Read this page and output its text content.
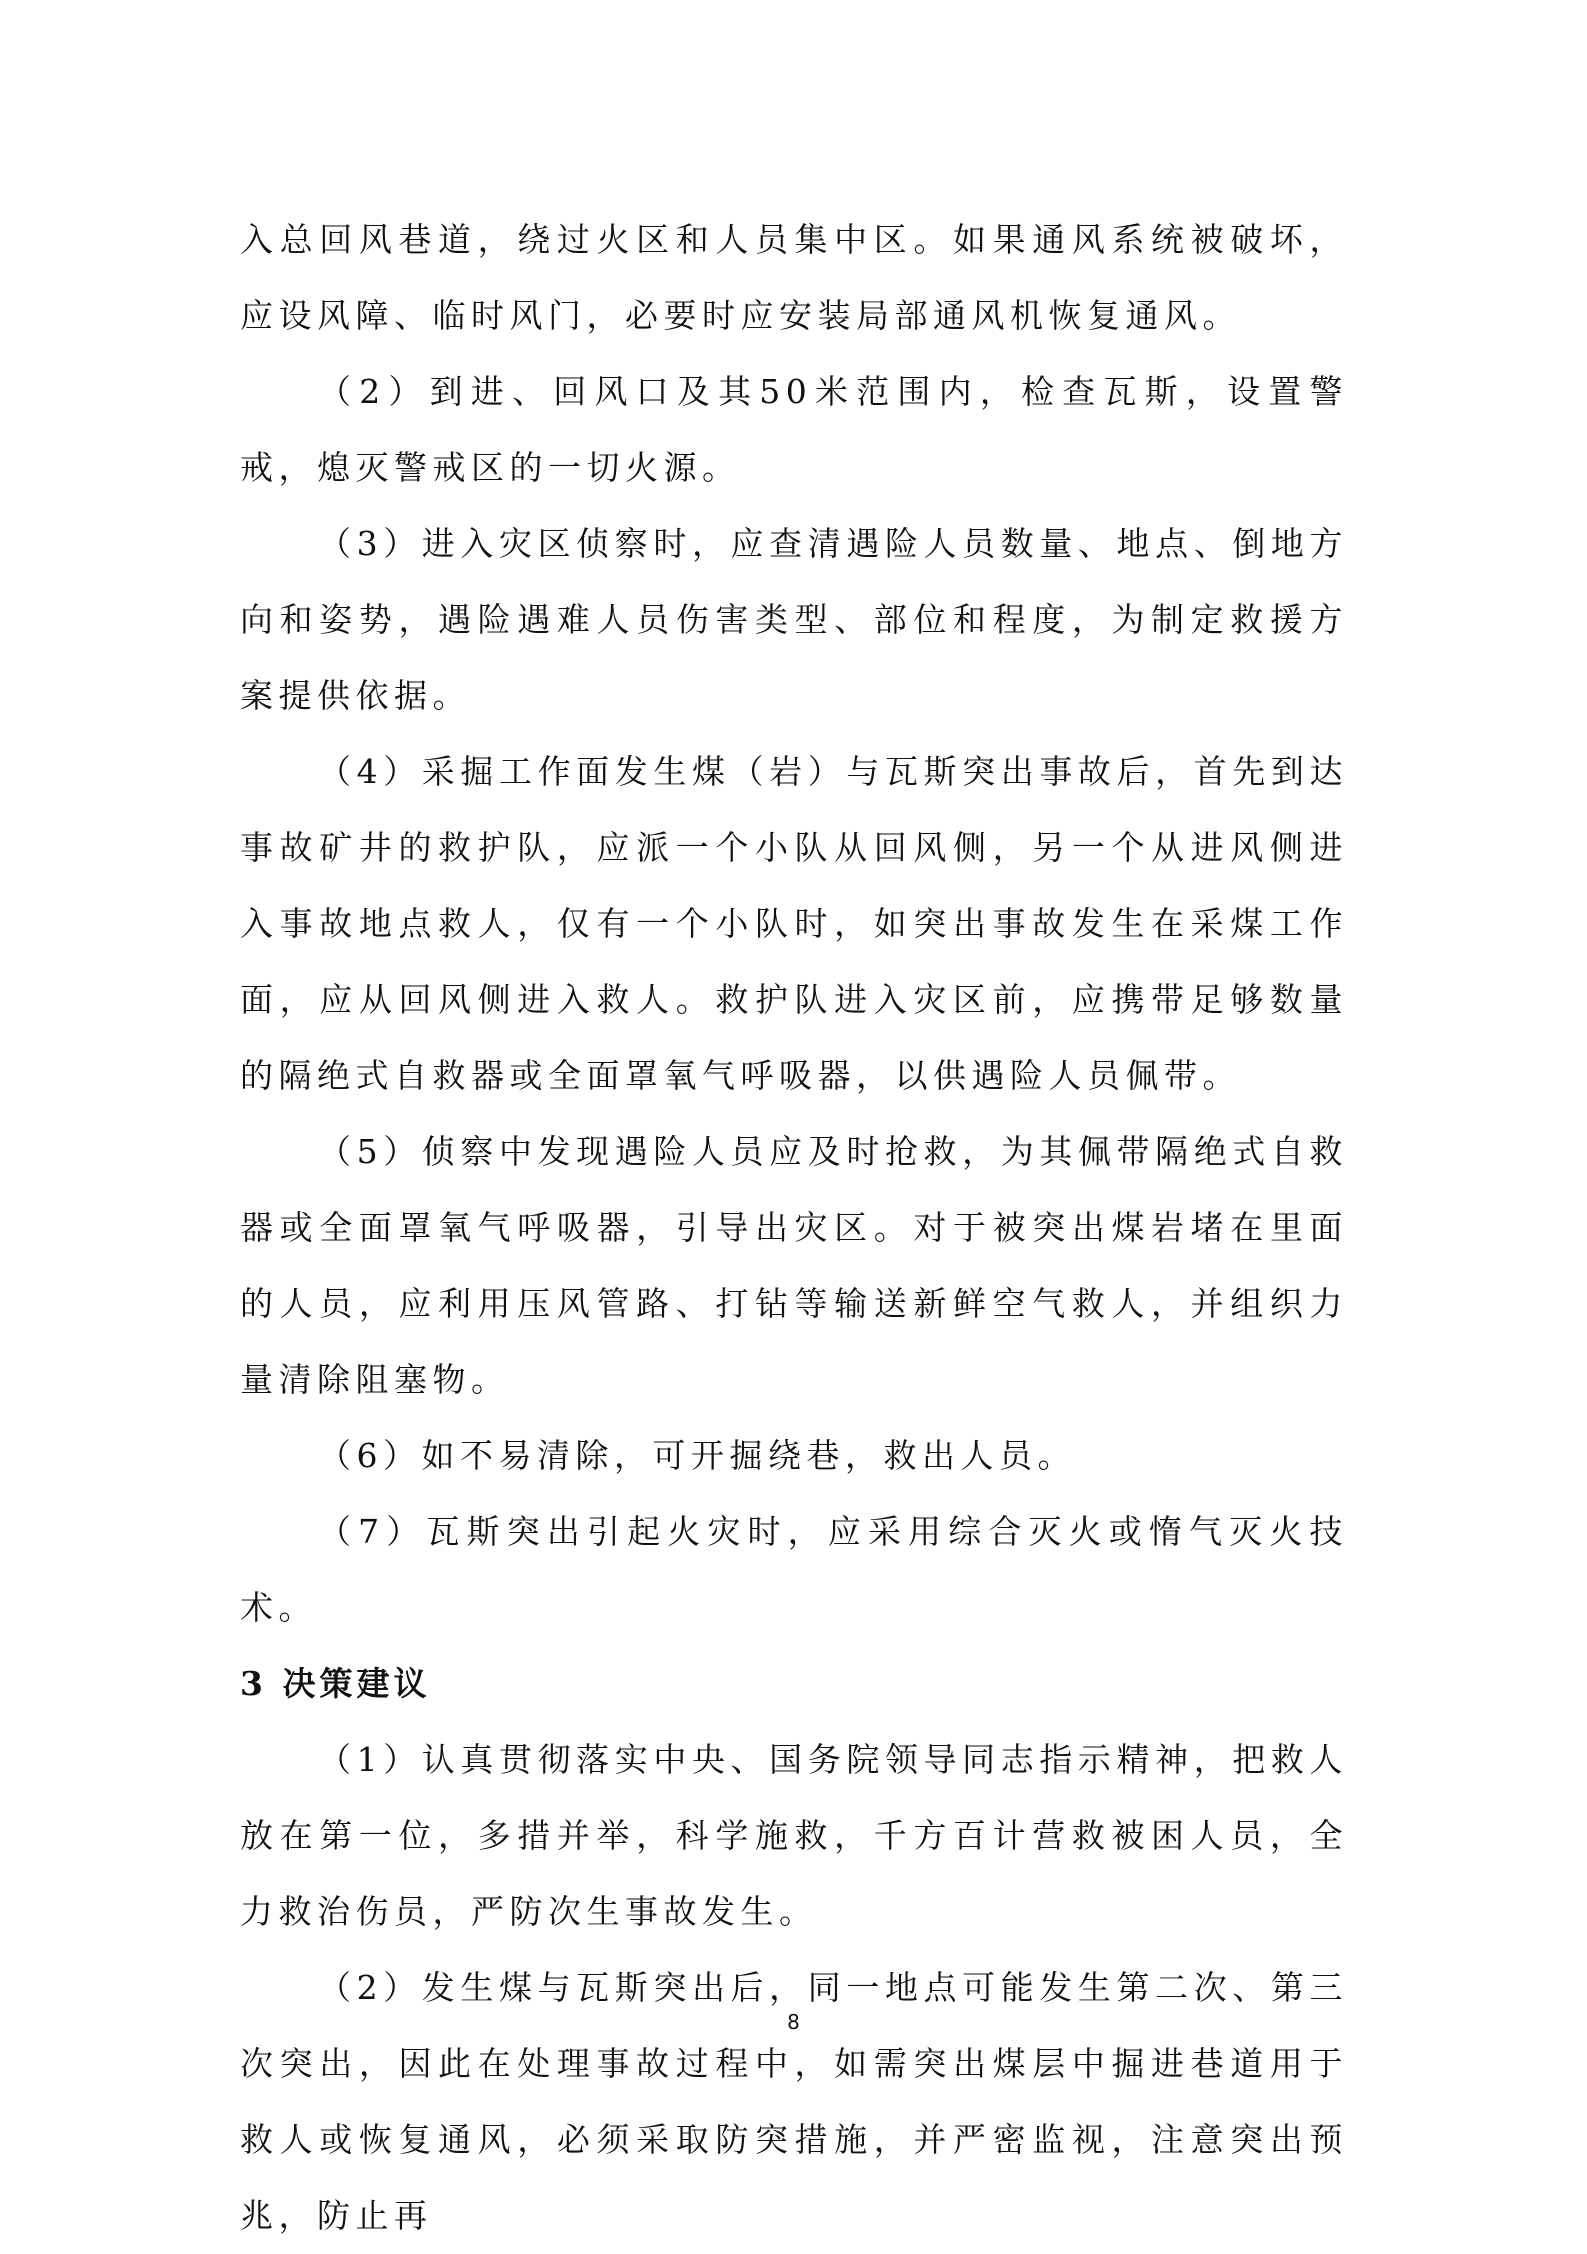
入总回风巷道，绕过火区和人员集中区。如果通风系统被破坏，应设风障、临时风门，必要时应安装局部通风机恢复通风。

（2）到进、回风口及其50米范围内，检查瓦斯，设置警戒，熄灭警戒区的一切火源。

（3）进入灾区侦察时，应查清遇险人员数量、地点、倒地方向和姿势，遇险遇难人员伤害类型、部位和程度，为制定救援方案提供依据。

（4）采掘工作面发生煤（岩）与瓦斯突出事故后，首先到达事故矿井的救护队，应派一个小队从回风侧，另一个从进风侧进入事故地点救人，仅有一个小队时，如突出事故发生在采煤工作面，应从回风侧进入救人。救护队进入灾区前，应携带足够数量的隔绝式自救器或全面罩氧气呼吸器，以供遇险人员佩带。

（5）侦察中发现遇险人员应及时抢救，为其佩带隔绝式自救器或全面罩氧气呼吸器，引导出灾区。对于被突出煤岩堵在里面的人员，应利用压风管路、打钻等输送新鲜空气救人，并组织力量清除阻塞物。

（6）如不易清除，可开掘绕巷，救出人员。

（7）瓦斯突出引起火灾时，应采用综合灭火或惰气灭火技术。

3 决策建议

（1）认真贯彻落实中央、国务院领导同志指示精神，把救人放在第一位，多措并举，科学施救，千方百计营救被困人员，全力救治伤员，严防次生事故发生。

（2）发生煤与瓦斯突出后，同一地点可能发生第二次、第三次突出，因此在处理事故过程中，如需突出煤层中掘进巷道用于救人或恢复通风，必须采取防突措施，并严密监视，注意突出预兆，防止再

8
